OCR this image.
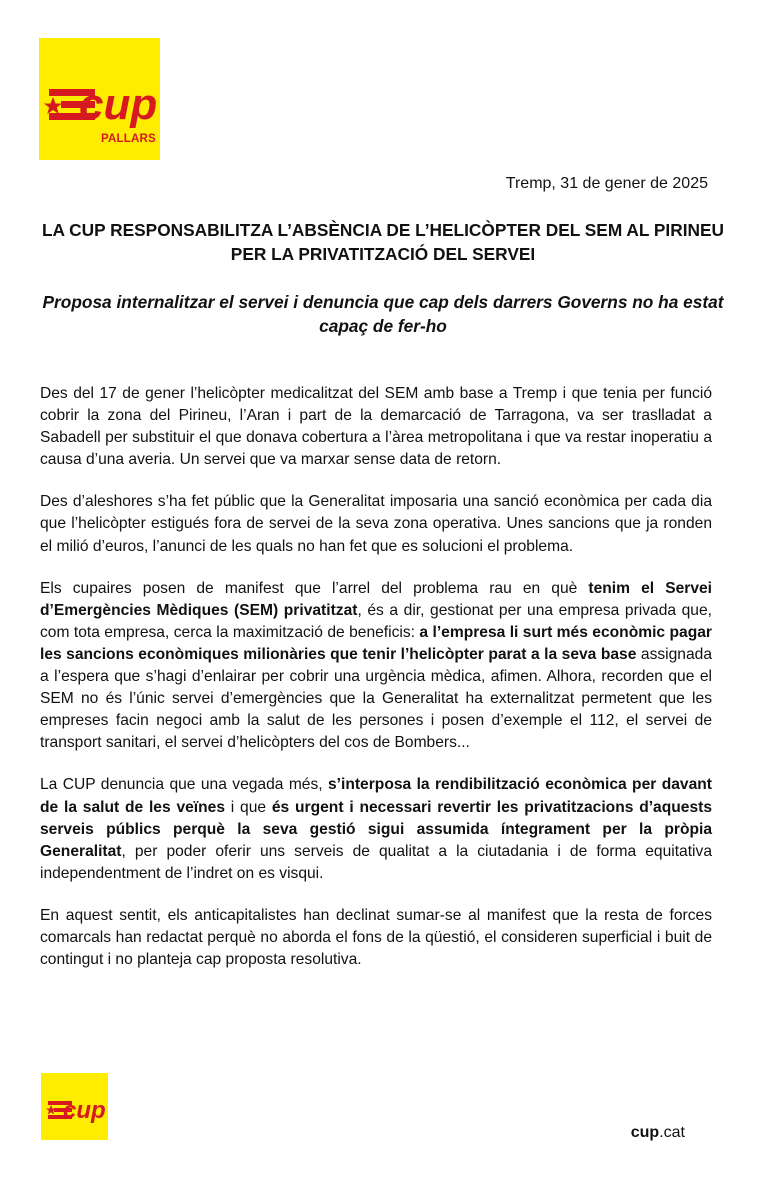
cup
PALLARS
Tremp, 31 de gener de 2025
LA CUP RESPONSABILITZA L’ABSÈNCIA DE L’HELICÒPTER DEL SEM AL PIRINEU PER LA PRIVATITZACIÓ DEL SERVEI
Proposa internalitzar el servei i denuncia que cap dels darrers Governs no ha estat capaç de fer-ho

Des del 17 de gener l’helicòpter medicalitzat del SEM amb base a Tremp i que tenia per funció cobrir la zona del Pirineu, l’Aran i part de la demarcació de Tarragona, va ser traslladat a Sabadell per substituir el que donava cobertura a l’àrea metropolitana i que va restar inoperatiu a causa d’una averia. Un servei que va marxar sense data de retorn.

Des d’aleshores s’ha fet públic que la Generalitat imposaria una sanció econòmica per cada dia que l’helicòpter estigués fora de servei de la seva zona operativa. Unes sancions que ja ronden el milió d’euros, l’anunci de les quals no han fet que es solucioni el problema.

Els cupaires posen de manifest que l’arrel del problema rau en què tenim el Servei d’Emergències Mèdiques (SEM) privatitzat, és a dir, gestionat per una empresa privada que, com tota empresa, cerca la maximització de beneficis: a l’empresa li surt més econòmic pagar les sancions econòmiques milionàries que tenir l’helicòpter parat a la seva base assignada a l’espera que s’hagi d’enlairar per cobrir una urgència mèdica, afimen. Alhora, recorden que el SEM no és l’únic servei d’emergències que la Generalitat ha externalitzat permetent que les empreses facin negoci amb la salut de les persones i posen d’exemple el 112, el servei de transport sanitari, el servei d’helicòpters del cos de Bombers...

La CUP denuncia que una vegada més, s’interposa la rendibilització econòmica per davant de la salut de les veïnes i que és urgent i necessari revertir les privatitzacions d’aquests serveis públics perquè la seva gestió sigui assumida íntegrament per la pròpia Generalitat, per poder oferir uns serveis de qualitat a la ciutadania i de forma equitativa independentment de l’indret on es visqui.

En aquest sentit, els anticapitalistes han declinat sumar-se al manifest que la resta de forces comarcals han redactat perquè no aborda el fons de la qüestió, el consideren superficial i buit de contingut i no planteja cap proposta resolutiva.

cup
cup.cat
